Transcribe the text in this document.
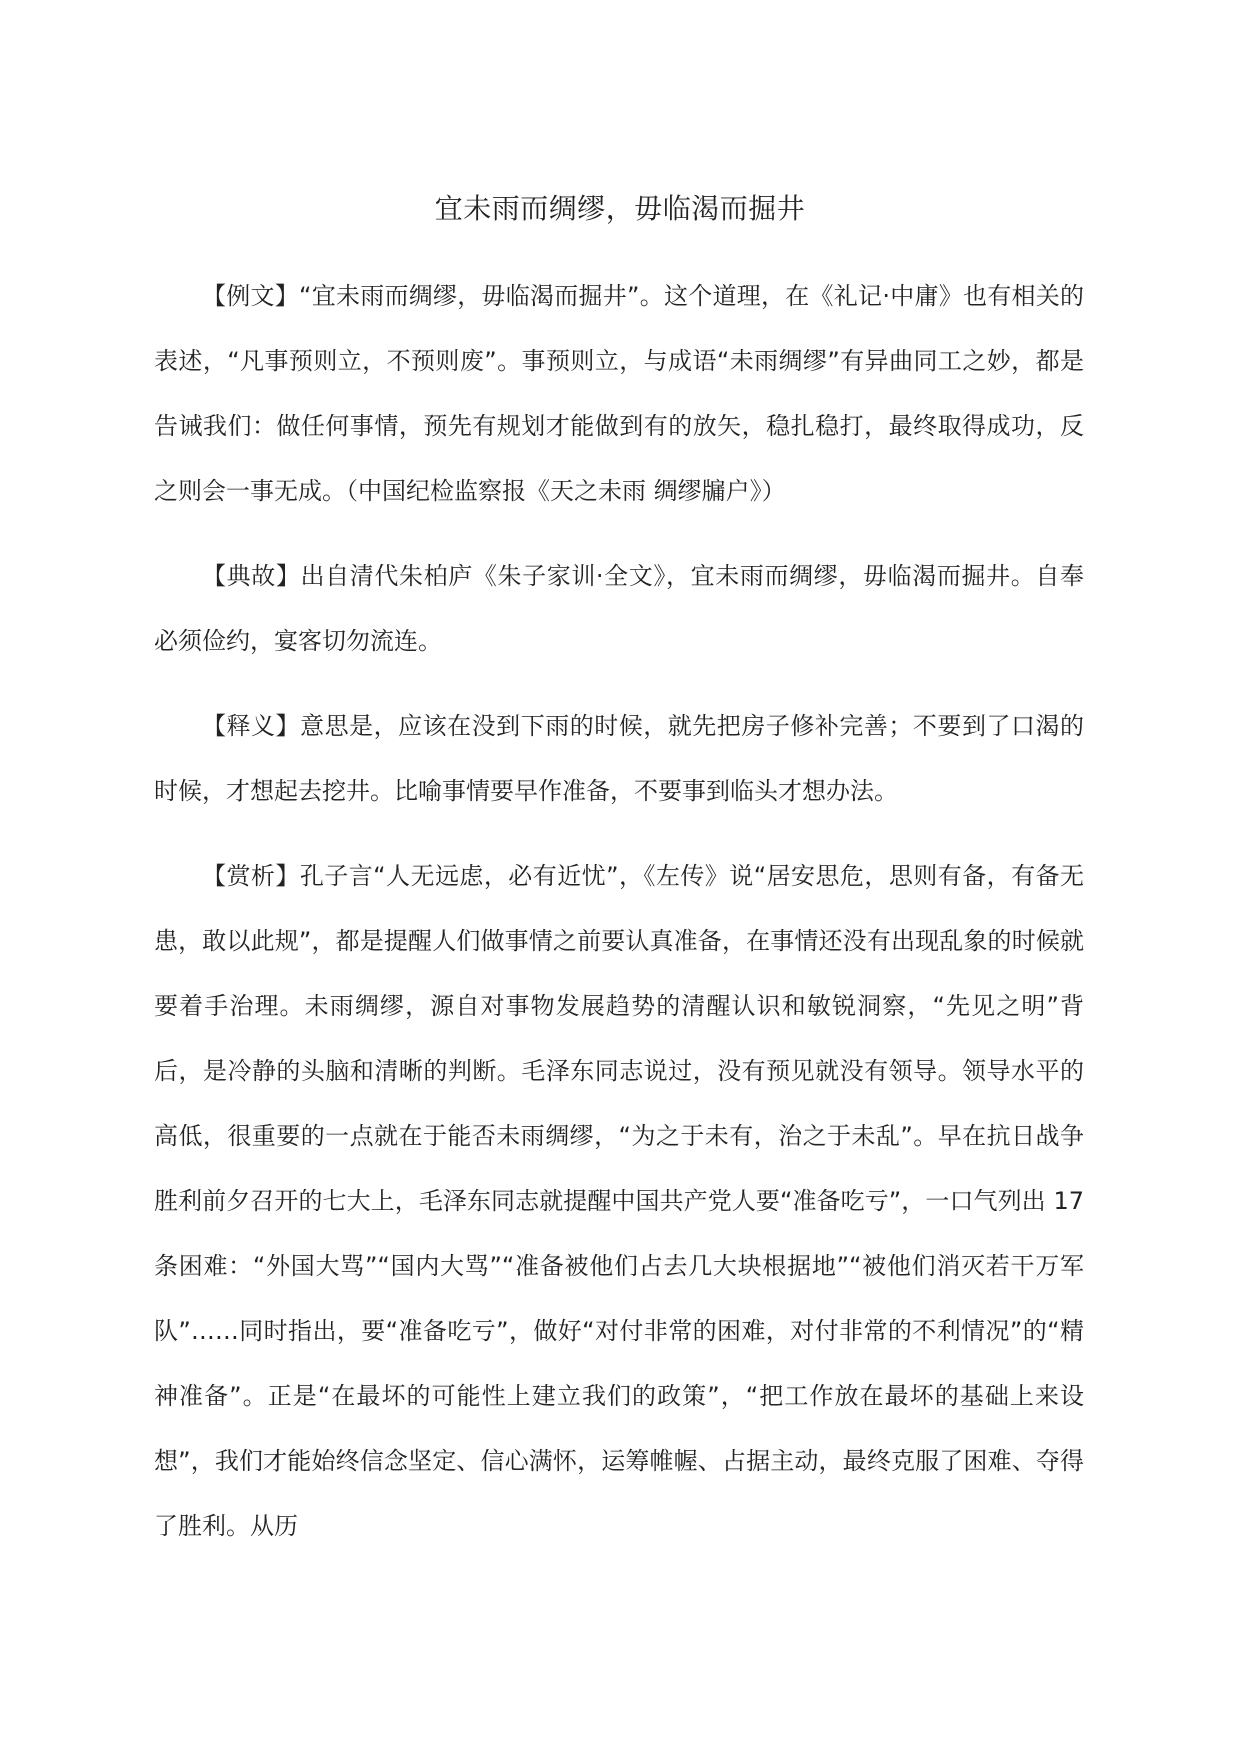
宜未雨而绸缪，毋临渴而掘井

【例文】“宜未雨而绸缪，毋临渴而掘井”。这个道理，在《礼记·中庸》也有相关的表述，“凡事预则立，不预则废”。事预则立，与成语“未雨绸缪”有异曲同工之妙，都是告诫我们：做任何事情，预先有规划才能做到有的放矢，稳扎稳打，最终取得成功，反之则会一事无成。（中国纪检监察报《天之未雨 绸缪牖户》）

【典故】出自清代朱柏庐《朱子家训·全文》，宜未雨而绸缪，毋临渴而掘井。自奉必须俭约，宴客切勿流连。

【释义】意思是，应该在没到下雨的时候，就先把房子修补完善；不要到了口渴的时候，才想起去挖井。比喻事情要早作准备，不要事到临头才想办法。

【赏析】孔子言“人无远虑，必有近忧”，《左传》说“居安思危，思则有备，有备无患，敢以此规”，都是提醒人们做事情之前要认真准备，在事情还没有出现乱象的时候就要着手治理。未雨绸缪，源自对事物发展趋势的清醒认识和敏锐洞察，“先见之明”背后，是冷静的头脑和清晰的判断。毛泽东同志说过，没有预见就没有领导。领导水平的高低，很重要的一点就在于能否未雨绸缪，“为之于未有，治之于未乱”。早在抗日战争胜利前夕召开的七大上，毛泽东同志就提醒中国共产党人要“准备吃亏”，一口气列出 17 条困难：“外国大骂”“国内大骂”“准备被他们占去几大块根据地”“被他们消灭若干万军队”……同时指出，要“准备吃亏”，做好“对付非常的困难，对付非常的不利情况”的“精神准备”。正是“在最坏的可能性上建立我们的政策”，“把工作放在最坏的基础上来设想”，我们才能始终信念坚定、信心满怀，运筹帷幄、占据主动，最终克服了困难、夺得了胜利。从历
